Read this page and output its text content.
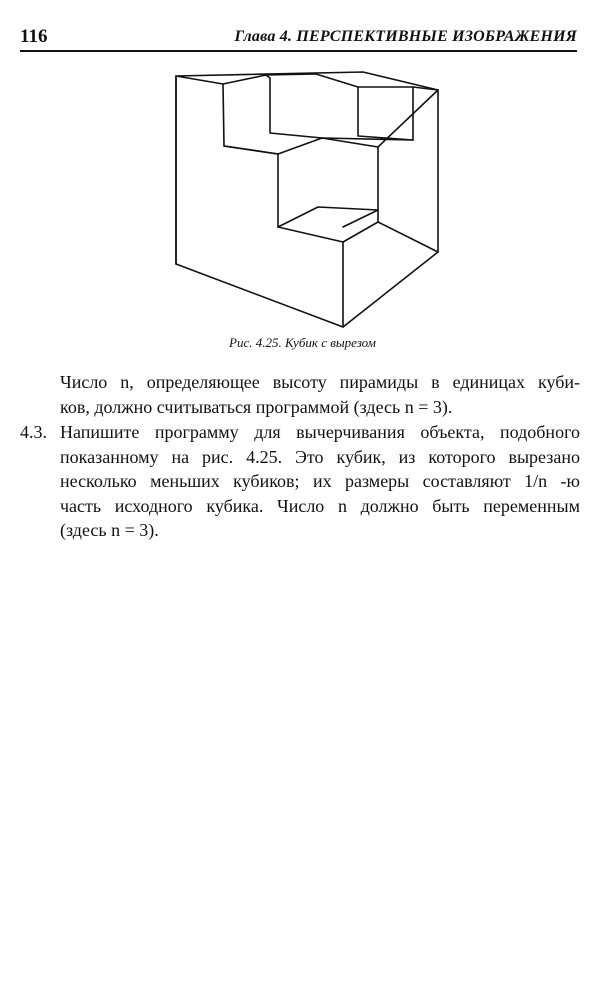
116	Глава 4. ПЕРСПЕКТИВНЫЕ ИЗОБРАЖЕНИЯ
Рис. 4.25. Кубик с вырезом
Число n, определяющее высоту пирамиды в единицах куби-
ков, должно считываться программой (здесь n = 3).
4.3. Напишите программу для вычерчивания объекта, подобного
показанному на рис. 4.25. Это кубик, из которого вырезано
несколько меньших кубиков; их размеры составляют 1/n -ю
часть исходного кубика. Число n должно быть переменным
(здесь n = 3).
